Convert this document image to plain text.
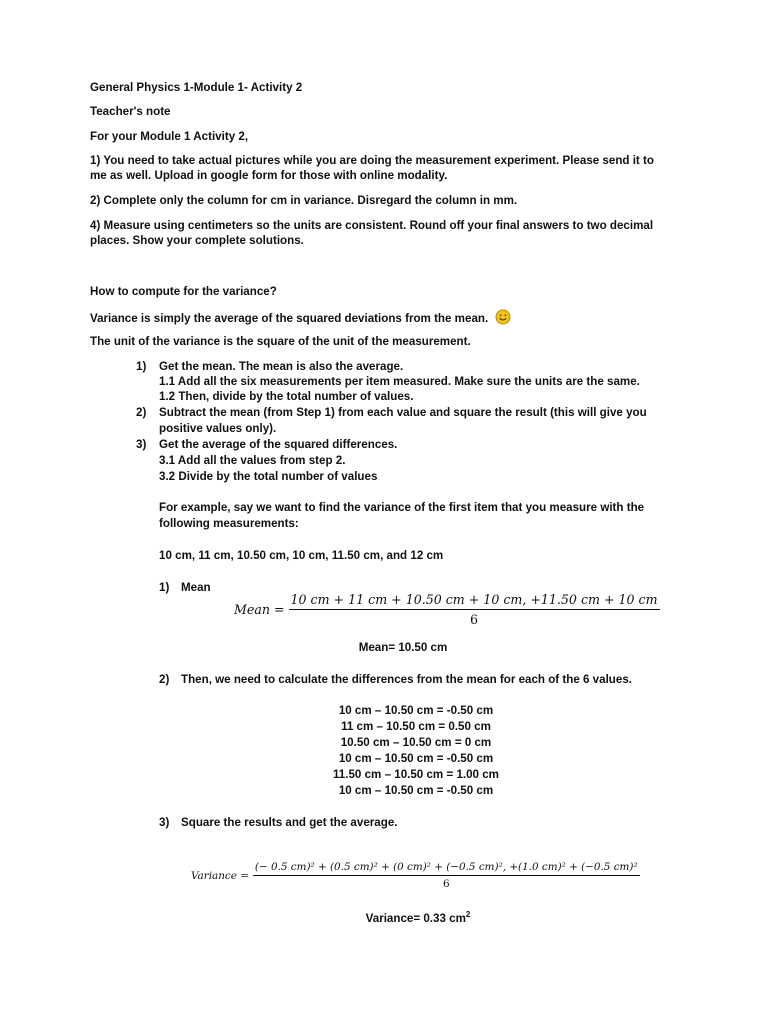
General Physics 1-Module 1- Activity 2
Teacher's note
For your Module 1 Activity 2,
1) You need to take actual pictures while you are doing the measurement experiment. Please send it to
me as well. Upload in google form for those with online modality.
2) Complete only the column for cm in variance. Disregard the column in mm.
4) Measure using centimeters so the units are consistent. Round off your final answers to two decimal
places. Show your complete solutions.
How to compute for the variance?
Variance is simply the average of the squared deviations from the mean.
The unit of the variance is the square of the unit of the measurement.
1) Get the mean. The mean is also the average.
1.1 Add all the six measurements per item measured. Make sure the units are the same.
1.2 Then, divide by the total number of values.
2) Subtract the mean (from Step 1) from each value and square the result (this will give you
positive values only).
3) Get the average of the squared differences.
3.1 Add all the values from step 2.
3.2 Divide by the total number of values
For example, say we want to find the variance of the first item that you measure with the
following measurements:
10 cm, 11 cm, 10.50 cm, 10 cm, 11.50 cm, and 12 cm
1) Mean
Mean = $\frac{10 cm + 11 cm + 10.50 cm + 10 cm, +11.50 cm + 10 cm}{6}$
Mean= 10.50 cm
2) Then, we need to calculate the differences from the mean for each of the 6 values.
10 cm – 10.50 cm = -0.50 cm
11 cm – 10.50 cm = 0.50 cm
10.50 cm – 10.50 cm = 0 cm
10 cm – 10.50 cm = -0.50 cm
11.50 cm – 10.50 cm = 1.00 cm
10 cm – 10.50 cm = -0.50 cm
3) Square the results and get the average.
Variance =
(− 0.5 cm)² + (0.5 cm)² + (0 cm)² + (−0.5 cm)², +(1.0 cm)² + (−0.5 cm)²
6
Variance= 0.33 $cm^2$
